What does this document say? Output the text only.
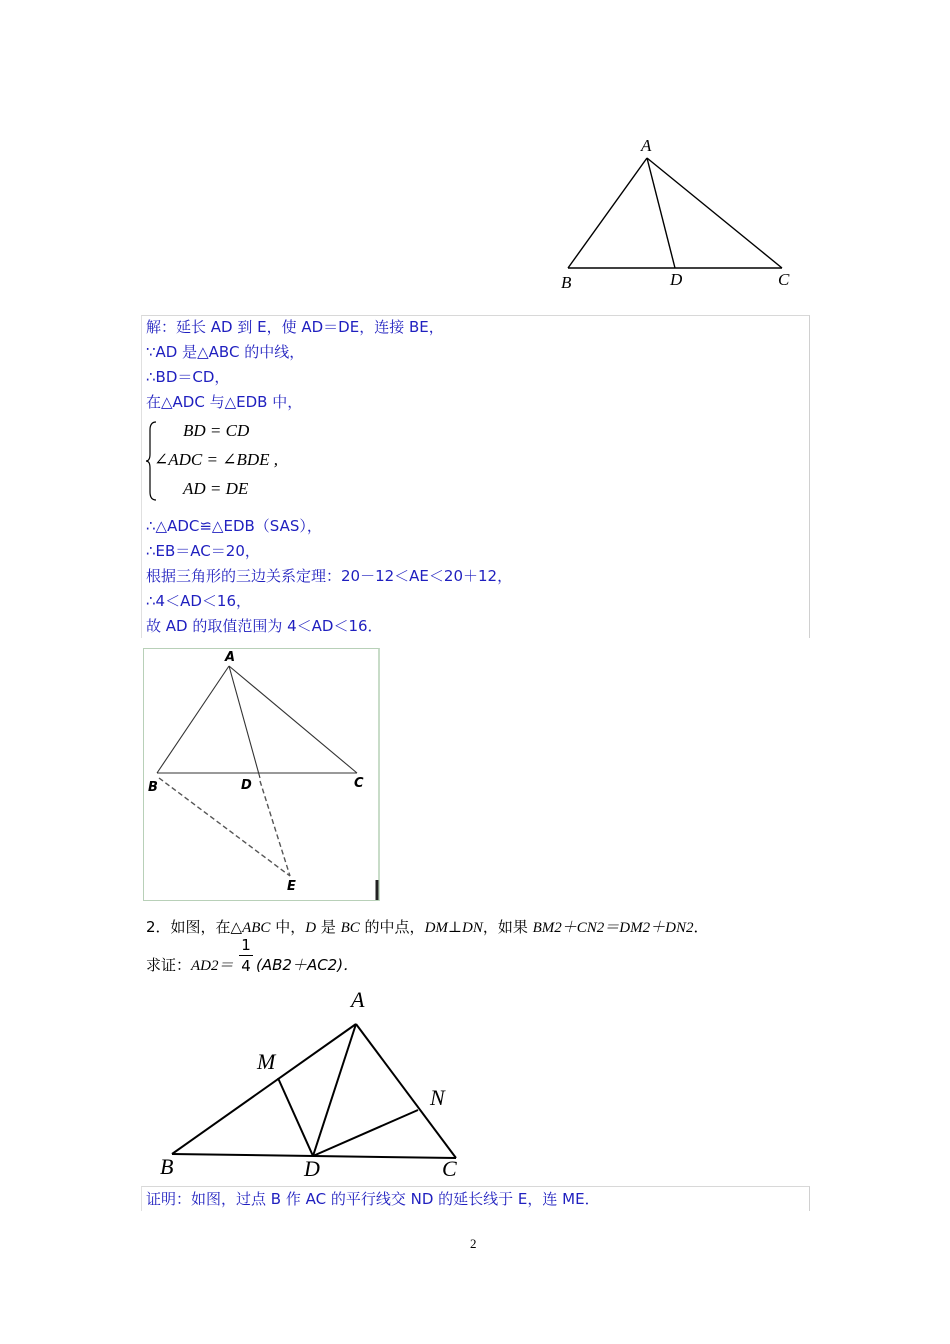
A
B	D	C
解：延长 AD 到 E，使 AD＝DE，连接 BE，
∵AD 是△ABC 的中线，
∴BD＝CD，
在△ADC 与△EDB 中，
BD = CD
∠ADC = ∠BDE ,
AD = DE
∴△ADC≌△EDB（SAS），
∴EB＝AC＝20，
根据三角形的三边关系定理：20－12＜AE＜20＋12，
∴4＜AD＜16，
故 AD 的取值范围为 4＜AD＜16．
A
B	D	C
E
2．如图，在△ABC 中，D 是 BC 的中点，DM⊥DN，如果 BM2＋CN2＝DM2＋DN2．
求证：AD2＝
1
4 (AB2＋AC2)．
A
M
N
B	D	C
证明：如图，过点 B 作 AC 的平行线交 ND 的延长线于 E，连 ME．
2
